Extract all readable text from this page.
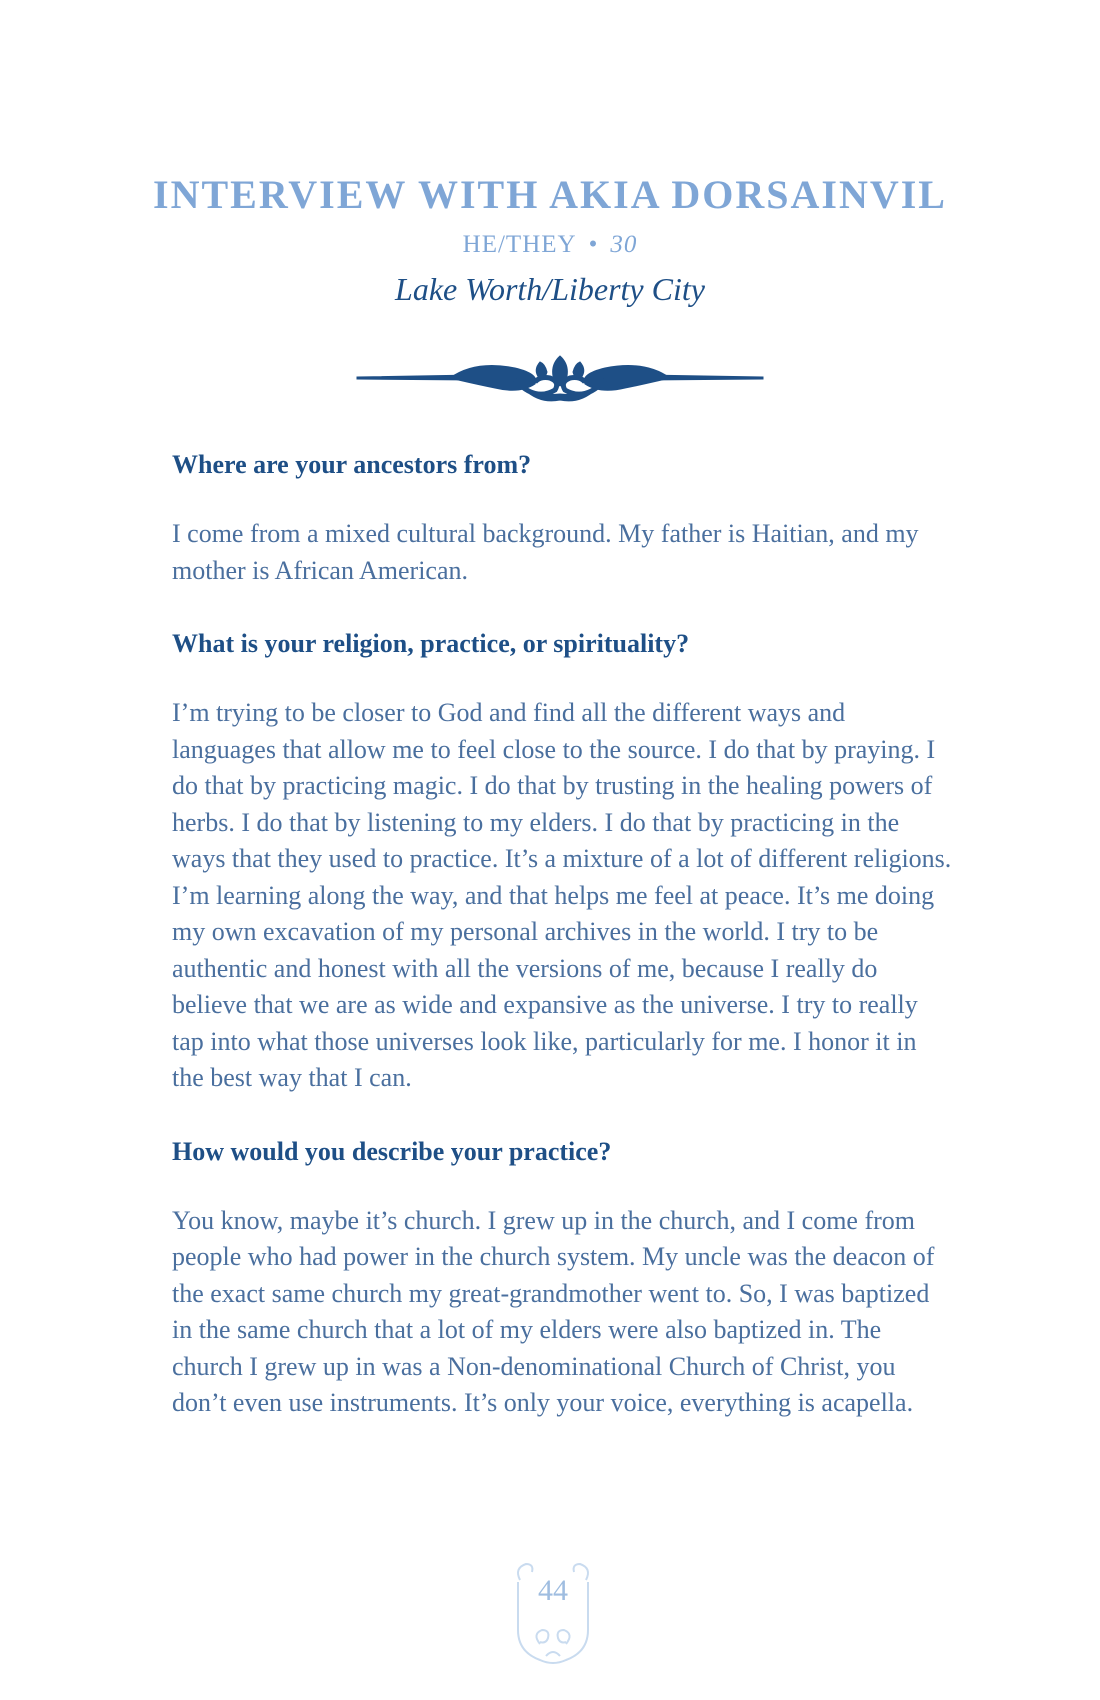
INTERVIEW WITH AKIA DORSAINVIL
HE/THEY • 30
Lake Worth/Liberty City

Where are your ancestors from?

I come from a mixed cultural background. My father is Haitian, and my mother is African American.

What is your religion, practice, or spirituality?

I’m trying to be closer to God and find all the different ways and languages that allow me to feel close to the source. I do that by praying. I do that by practicing magic. I do that by trusting in the healing powers of herbs. I do that by listening to my elders. I do that by practicing in the ways that they used to practice. It’s a mixture of a lot of different religions. I’m learning along the way, and that helps me feel at peace. It’s me doing my own excavation of my personal archives in the world. I try to be authentic and honest with all the versions of me, because I really do believe that we are as wide and expansive as the universe. I try to really tap into what those universes look like, particularly for me. I honor it in the best way that I can.

How would you describe your practice?

You know, maybe it’s church. I grew up in the church, and I come from people who had power in the church system. My uncle was the deacon of the exact same church my great-grandmother went to. So, I was baptized in the same church that a lot of my elders were also baptized in. The church I grew up in was a Non-denominational Church of Christ, you don’t even use instruments. It’s only your voice, everything is acapella.

44
